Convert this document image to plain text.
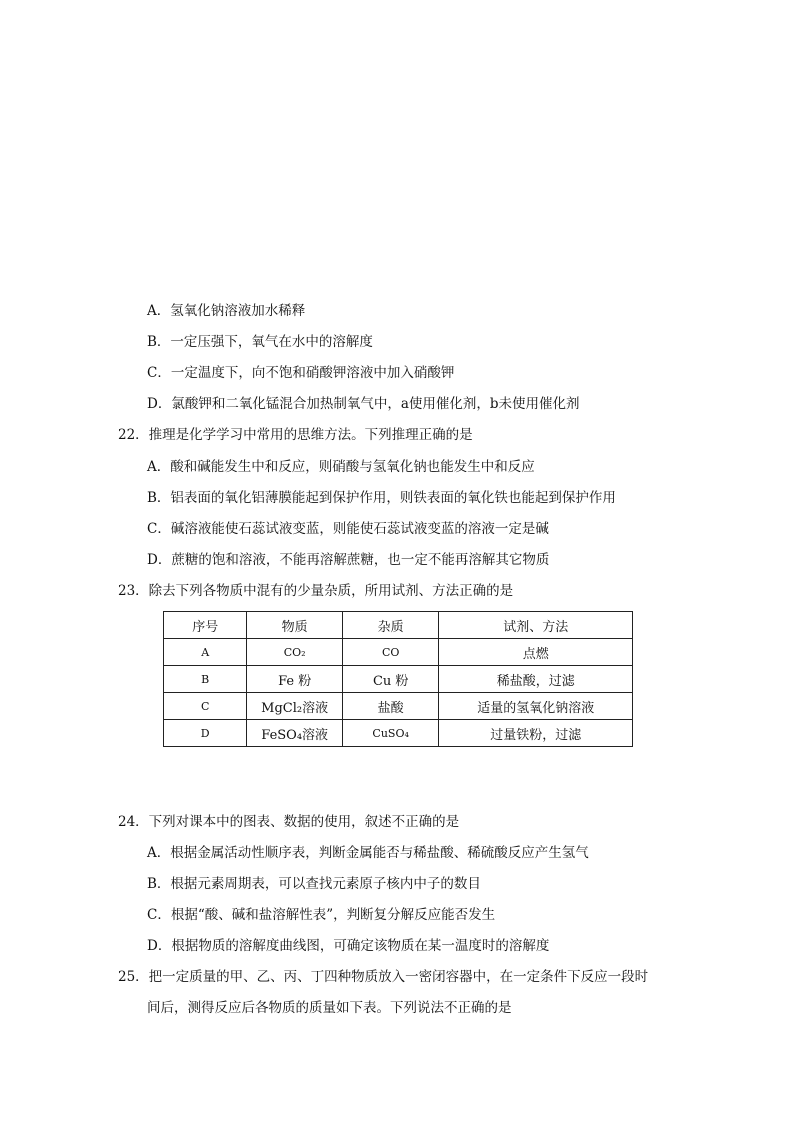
A．氢氧化钠溶液加水稀释
B．一定压强下，氧气在水中的溶解度
C．一定温度下，向不饱和硝酸钾溶液中加入硝酸钾
D．氯酸钾和二氧化锰混合加热制氧气中，a使用催化剂，b未使用催化剂
22．推理是化学学习中常用的思维方法。下列推理正确的是
A．酸和碱能发生中和反应，则硝酸与氢氧化钠也能发生中和反应
B．铝表面的氧化铝薄膜能起到保护作用，则铁表面的氧化铁也能起到保护作用
C．碱溶液能使石蕊试液变蓝，则能使石蕊试液变蓝的溶液一定是碱
D．蔗糖的饱和溶液，不能再溶解蔗糖，也一定不能再溶解其它物质
23．除去下列各物质中混有的少量杂质，所用试剂、方法正确的是
序号	物质	杂质	试剂、方法
A	CO₂	CO	点燃
B	Fe 粉	Cu 粉	稀盐酸，过滤
C	MgCl₂溶液	盐酸	适量的氢氧化钠溶液
D	FeSO₄溶液	CuSO₄	过量铁粉，过滤
24．下列对课本中的图表、数据的使用，叙述不正确的是
A．根据金属活动性顺序表，判断金属能否与稀盐酸、稀硫酸反应产生氢气
B．根据元素周期表，可以查找元素原子核内中子的数目
C．根据“酸、碱和盐溶解性表”，判断复分解反应能否发生
D．根据物质的溶解度曲线图，可确定该物质在某一温度时的溶解度
25．把一定质量的甲、乙、丙、丁四种物质放入一密闭容器中，在一定条件下反应一段时
间后，测得反应后各物质的质量如下表。下列说法不正确的是
